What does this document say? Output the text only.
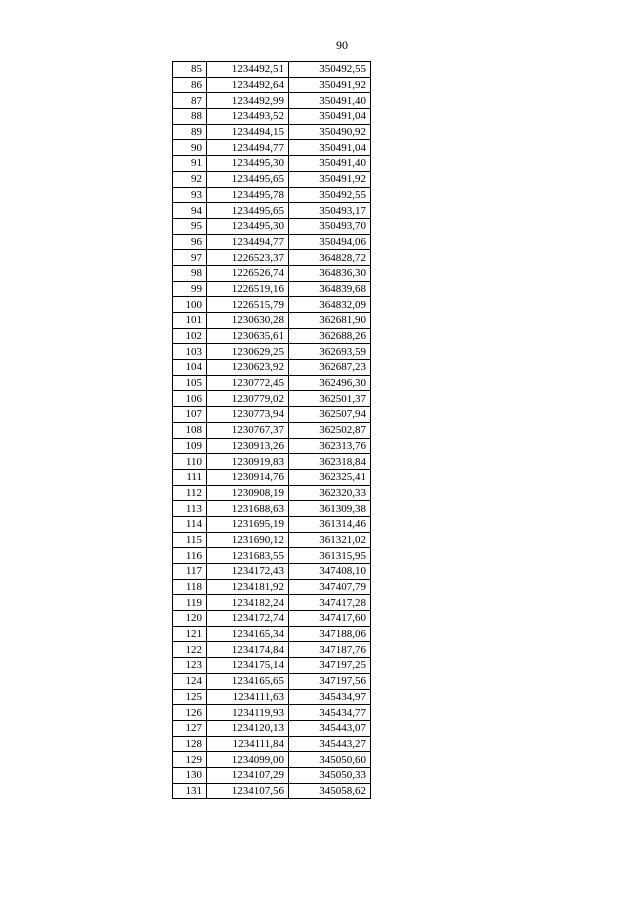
90
85	1234492,51	350492,55
86	1234492,64	350491,92
87	1234492,99	350491,40
88	1234493,52	350491,04
89	1234494,15	350490,92
90	1234494,77	350491,04
91	1234495,30	350491,40
92	1234495,65	350491,92
93	1234495,78	350492,55
94	1234495,65	350493,17
95	1234495,30	350493,70
96	1234494,77	350494,06
97	1226523,37	364828,72
98	1226526,74	364836,30
99	1226519,16	364839,68
100	1226515,79	364832,09
101	1230630,28	362681,90
102	1230635,61	362688,26
103	1230629,25	362693,59
104	1230623,92	362687,23
105	1230772,45	362496,30
106	1230779,02	362501,37
107	1230773,94	362507,94
108	1230767,37	362502,87
109	1230913,26	362313,76
110	1230919,83	362318,84
111	1230914,76	362325,41
112	1230908,19	362320,33
113	1231688,63	361309,38
114	1231695,19	361314,46
115	1231690,12	361321,02
116	1231683,55	361315,95
117	1234172,43	347408,10
118	1234181,92	347407,79
119	1234182,24	347417,28
120	1234172,74	347417,60
121	1234165,34	347188,06
122	1234174,84	347187,76
123	1234175,14	347197,25
124	1234165,65	347197,56
125	1234111,63	345434,97
126	1234119,93	345434,77
127	1234120,13	345443,07
128	1234111,84	345443,27
129	1234099,00	345050,60
130	1234107,29	345050,33
131	1234107,56	345058,62
